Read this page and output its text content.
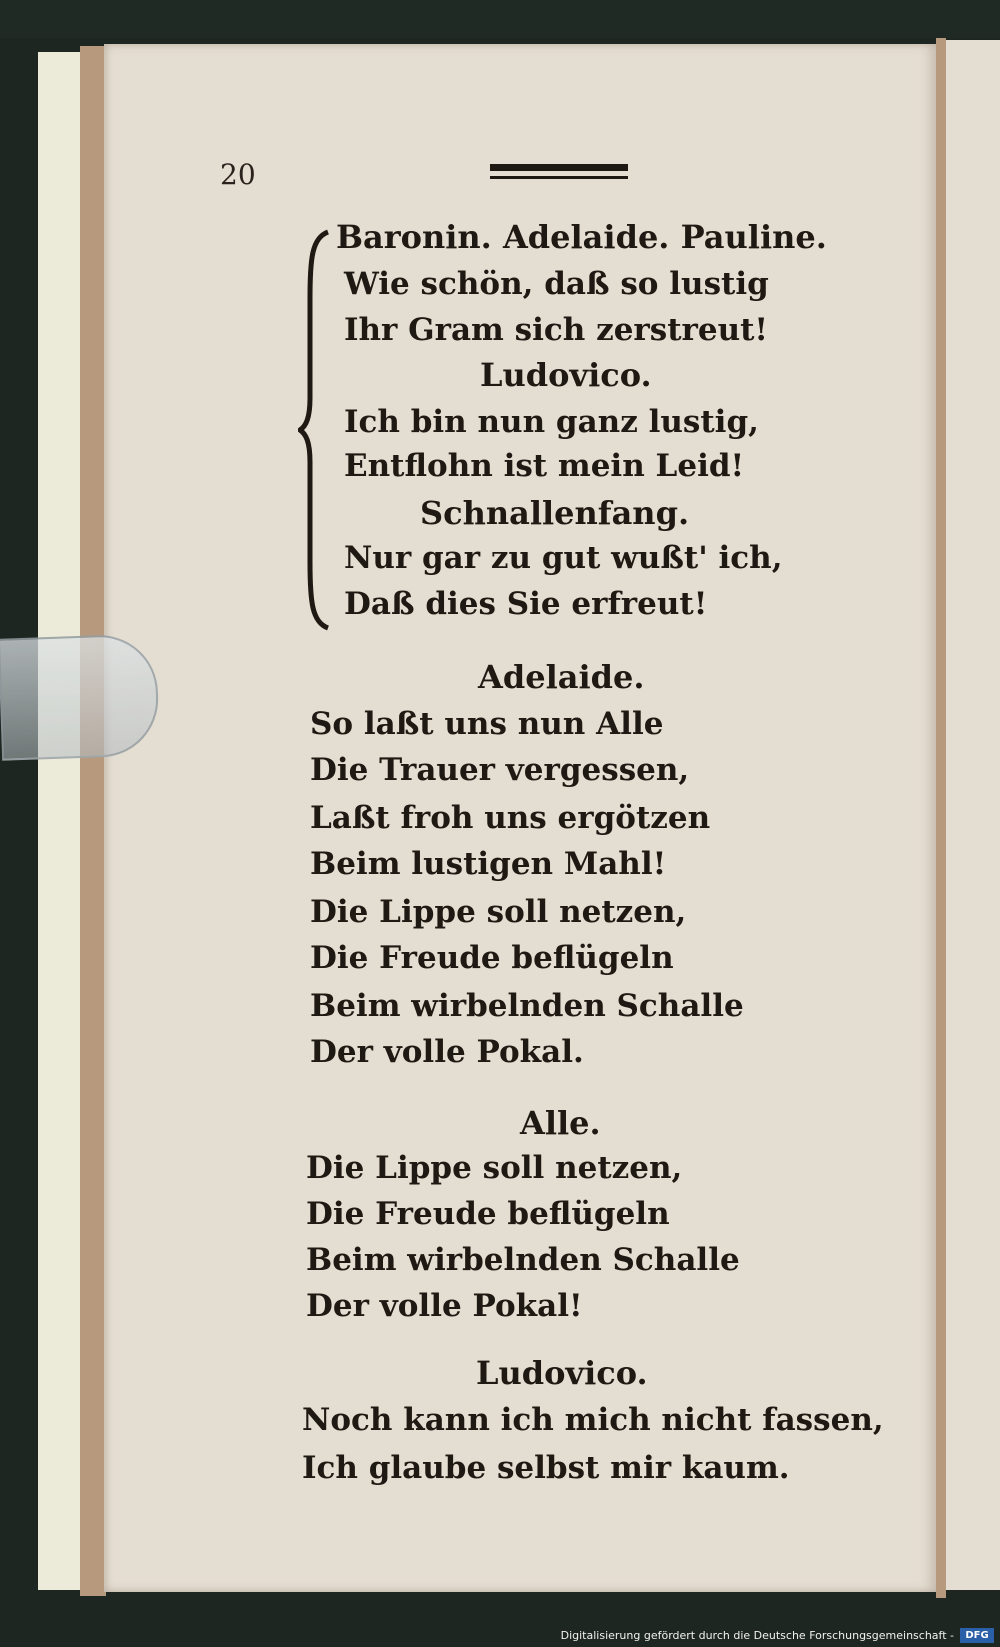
20
Baronin. Adelaide. Pauline.
Wie schön, daß so lustig
Ihr Gram sich zerstreut!
Ludovico.
Ich bin nun ganz lustig,
Entflohn ist mein Leid!
Schnallenfang.
Nur gar zu gut wußt' ich,
Daß dies Sie erfreut!
Adelaide.
So laßt uns nun Alle
Die Trauer vergessen,
Laßt froh uns ergötzen
Beim lustigen Mahl!
Die Lippe soll netzen,
Die Freude beflügeln
Beim wirbelnden Schalle
Der volle Pokal.
Alle.
Die Lippe soll netzen,
Die Freude beflügeln
Beim wirbelnden Schalle
Der volle Pokal!
Ludovico.
Noch kann ich mich nicht fassen,
Ich glaube selbst mir kaum.
Digitalisierung gefördert durch die Deutsche Forschungsgemeinschaft -	DFG
